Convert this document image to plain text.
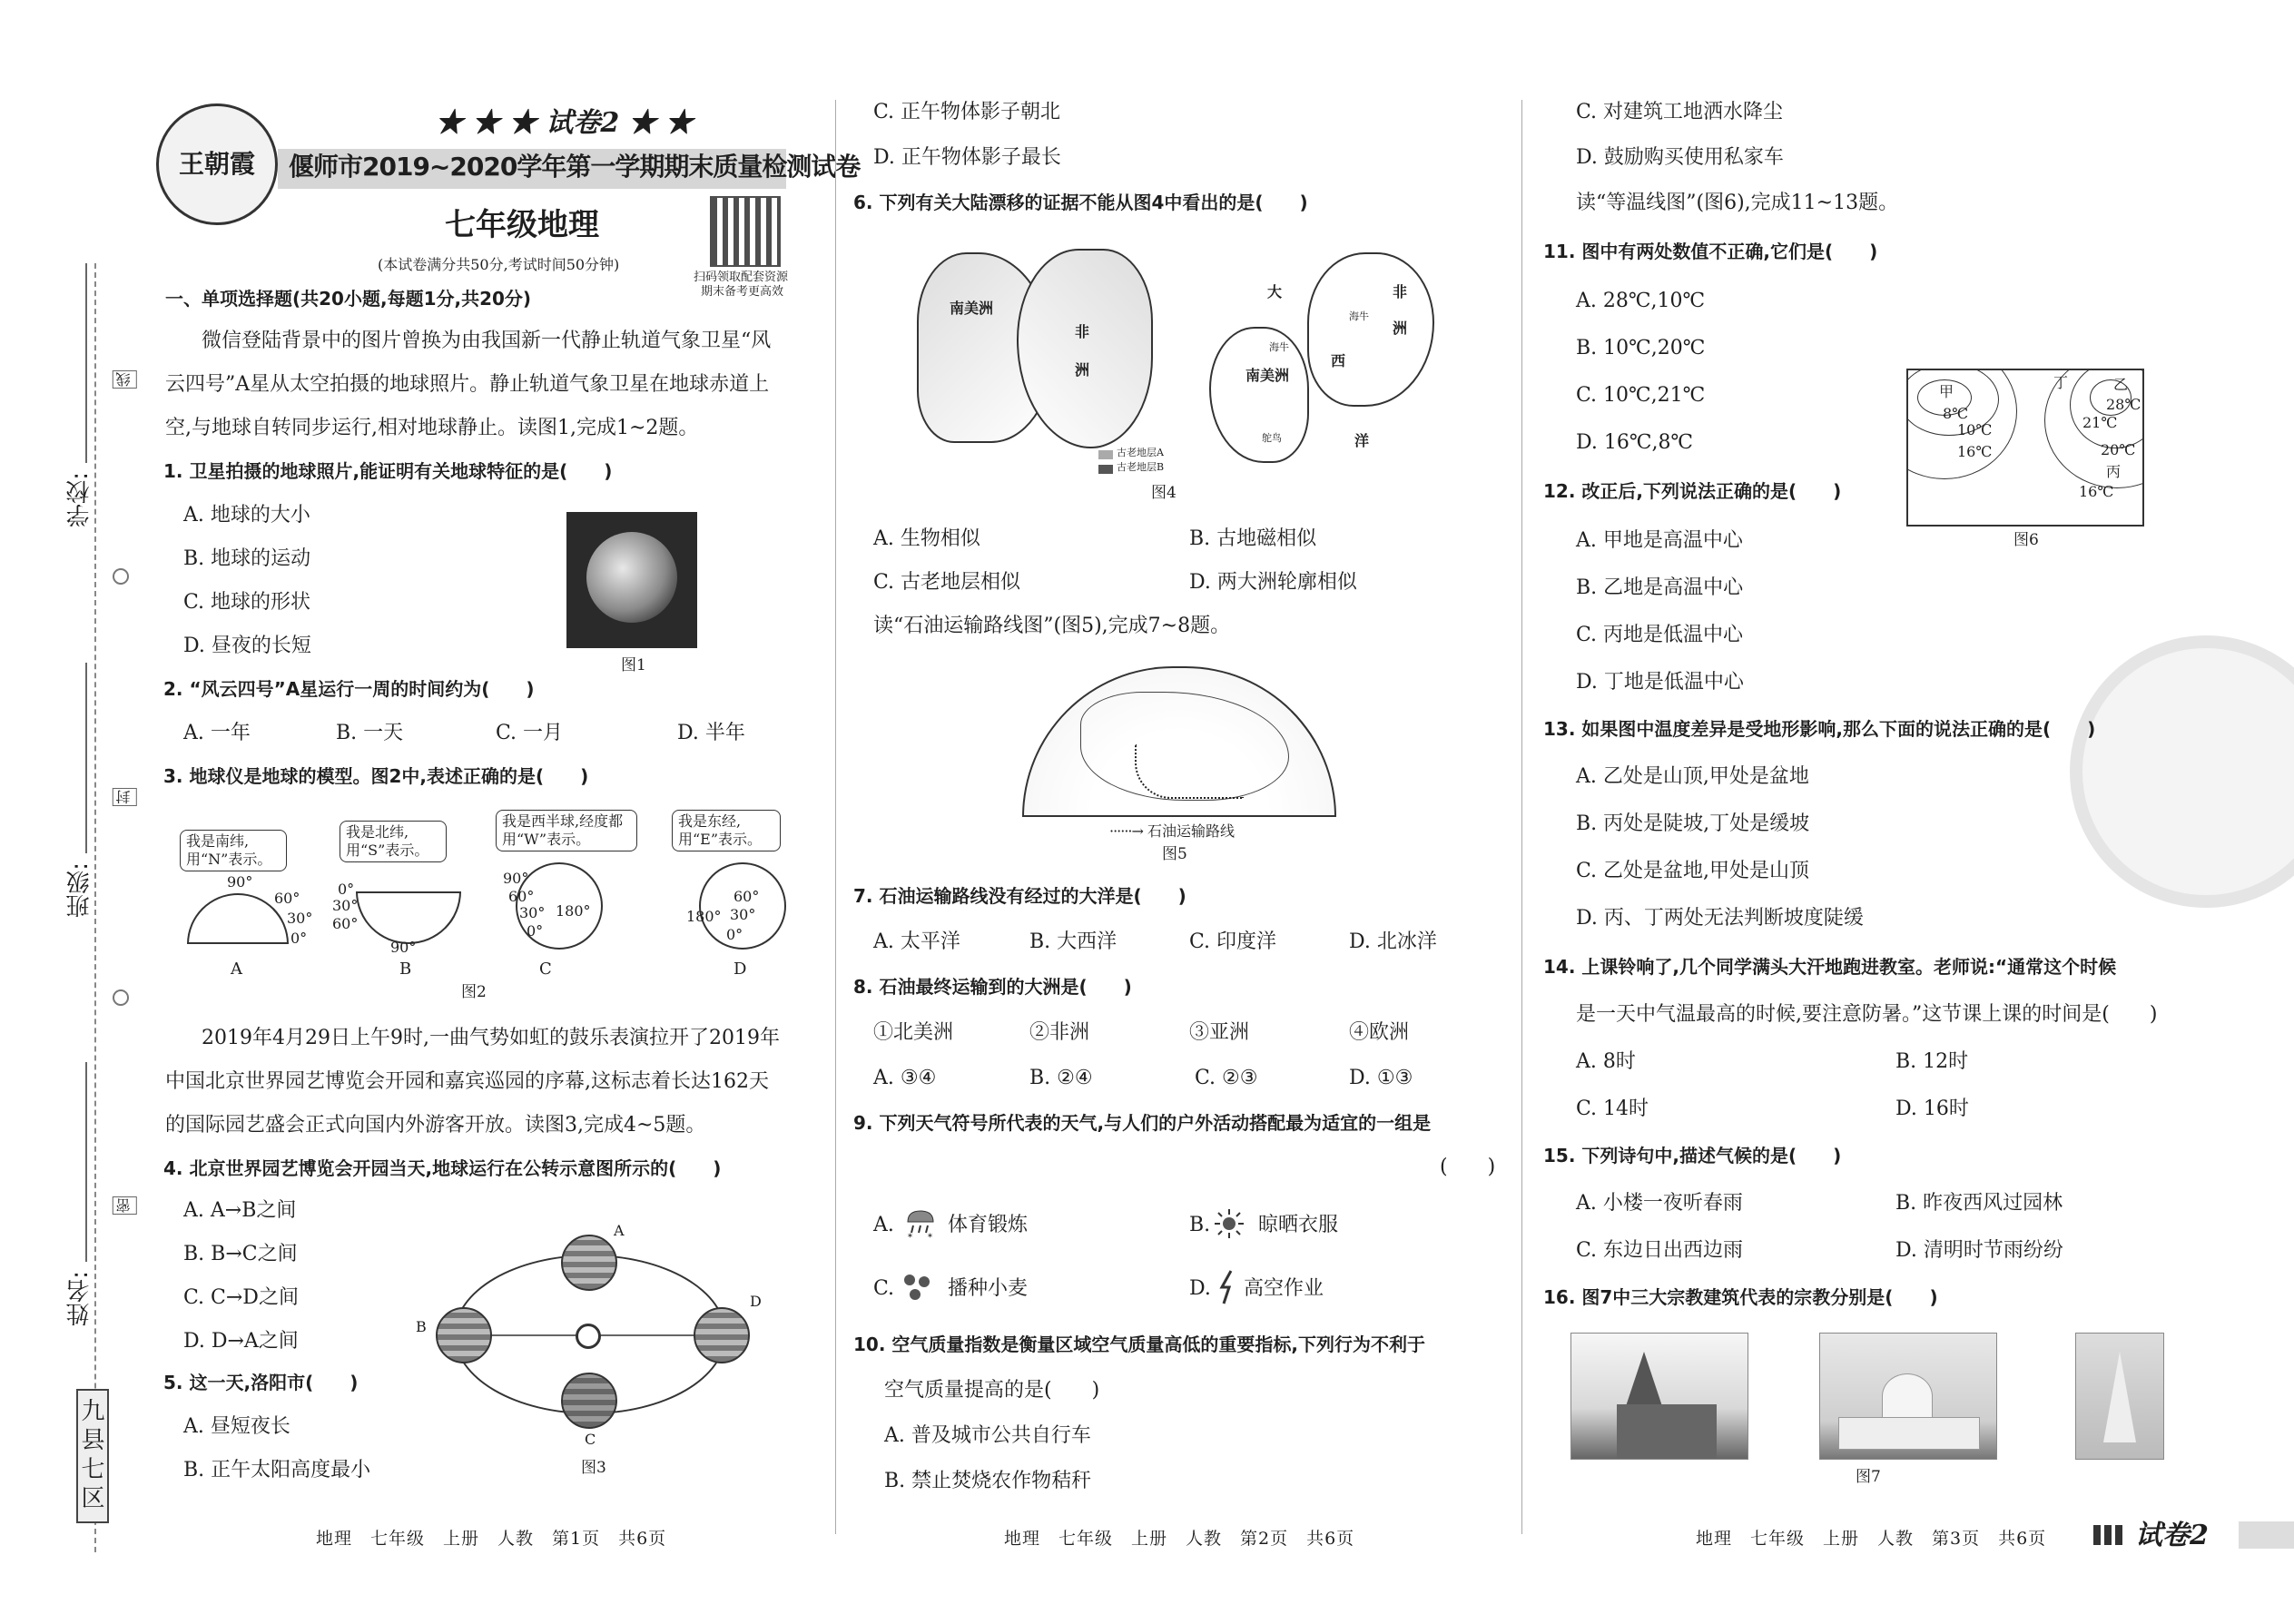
学校:
线
班级:
封
姓名:
密
九县七区
王朝霞
★ ★ ★ 试卷2 ★ ★
偃师市2019~2020学年第一学期期末质量检测试卷
七年级地理
(本试卷满分共50分,考试时间50分钟)
扫码领取配套资源
期末备考更高效
一、单项选择题(共20小题,每题1分,共20分)
微信登陆背景中的图片曾换为由我国新一代静止轨道气象卫星“风
云四号”A星从太空拍摄的地球照片。静止轨道气象卫星在地球赤道上
空,与地球自转同步运行,相对地球静止。读图1,完成1~2题。
1. 卫星拍摄的地球照片,能证明有关地球特征的是(　　)
A. 地球的大小
B. 地球的运动
C. 地球的形状
D. 昼夜的长短
图1
2. “风云四号”A星运行一周的时间约为(　　)
A. 一年	B. 一天	C. 一月	D. 半年
3. 地球仪是地球的模型。图2中,表述正确的是(　　)
我是南纬,用“N”表示。
我是北纬,用“S”表示。
我是西半球,经度都用“W”表示。
我是东经,用“E”表示。
90°
60°
30°
0°
A
0°
30°
60°
90°
B
90°
60°
30°
0°
180°
C
180°
0°
30°
60°
D
图2
2019年4月29日上午9时,一曲气势如虹的鼓乐表演拉开了2019年
中国北京世界园艺博览会开园和嘉宾巡园的序幕,这标志着长达162天
的国际园艺盛会正式向国内外游客开放。读图3,完成4~5题。
4. 北京世界园艺博览会开园当天,地球运行在公转示意图所示的(　　)
A. A→B之间
B. B→C之间
C. C→D之间
D. D→A之间
A
B
C
D
图3
5. 这一天,洛阳市(　　)
A. 昼短夜长
B. 正午太阳高度最小
地理　七年级　上册　人教　第1页　共6页
C. 正午物体影子朝北
D. 正午物体影子最长
6. 下列有关大陆漂移的证据不能从图4中看出的是(　　)
南美洲
非
洲
大	非
洲
西
南美洲
洋
海牛
海牛
鸵鸟
古老地层A
古老地层B
图4
A. 生物相似	B. 古地磁相似
C. 古老地层相似	D. 两大洲轮廓相似
读“石油运输路线图”(图5),完成7~8题。
······→ 石油运输路线
图5
7. 石油运输路线没有经过的大洋是(　　)
A. 太平洋	B. 大西洋	C. 印度洋	D. 北冰洋
8. 石油最终运输到的大洲是(　　)
①北美洲	②非洲	③亚洲	④欧洲
A. ③④	B. ②④	C. ②③	D. ①③
9. 下列天气符号所代表的天气,与人们的户外活动搭配最为适宜的一组是
(　　)
A.
* *
体育锻炼	B. 晾晒衣服
C.	播种小麦	D. 高空作业
10. 空气质量指数是衡量区域空气质量高低的重要指标,下列行为不利于
空气质量提高的是(　　)
A. 普及城市公共自行车
B. 禁止焚烧农作物秸秆
地理　七年级　上册　人教　第2页　共6页
C. 对建筑工地洒水降尘
D. 鼓励购买使用私家车
读“等温线图”(图6),完成11~13题。
11. 图中有两处数值不正确,它们是(　　)
A. 28℃,10℃
B. 10℃,20℃
C. 10℃,21℃
D. 16℃,8℃
甲
8℃
10℃
16℃
丁	乙
28℃
21℃
20℃
丙
16℃
图6
12. 改正后,下列说法正确的是(　　)
A. 甲地是高温中心
B. 乙地是高温中心
C. 丙地是低温中心
D. 丁地是低温中心
13. 如果图中温度差异是受地形影响,那么下面的说法正确的是(　　)
A. 乙处是山顶,甲处是盆地
B. 丙处是陡坡,丁处是缓坡
C. 乙处是盆地,甲处是山顶
D. 丙、丁两处无法判断坡度陡缓
14. 上课铃响了,几个同学满头大汗地跑进教室。老师说:“通常这个时候
是一天中气温最高的时候,要注意防暑。”这节课上课的时间是(　　)
A. 8时	B. 12时
C. 14时	D. 16时
15. 下列诗句中,描述气候的是(　　)
A. 小楼一夜听春雨	B. 昨夜西风过园林
C. 东边日出西边雨	D. 清明时节雨纷纷
16. 图7中三大宗教建筑代表的宗教分别是(　　)
图7
地理　七年级　上册　人教　第3页　共6页	试卷2
